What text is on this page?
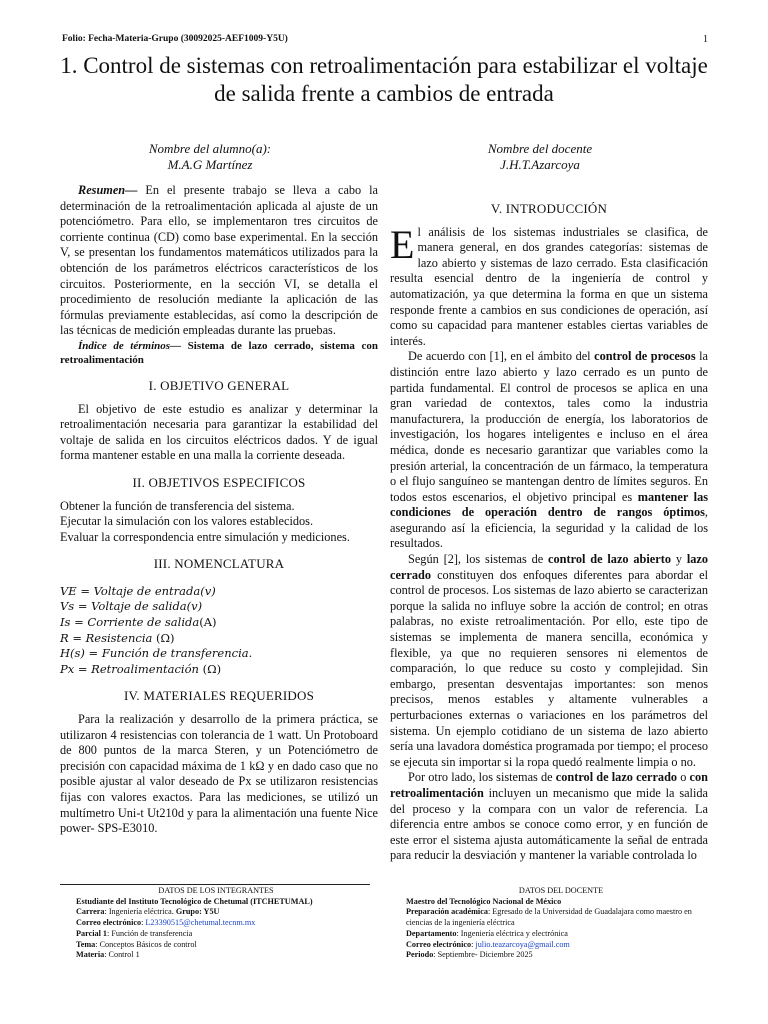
Folio: Fecha-Materia-Grupo (30092025-AEF1009-Y5U)	1
1. Control de sistemas con retroalimentación para estabilizar el voltaje de salida frente a cambios de entrada
Nombre del alumno(a):
M.A.G Martínez
Nombre del docente
J.H.T.Azarcoya

Resumen— En el presente trabajo se lleva a cabo la determinación de la retroalimentación aplicada al ajuste de un potenciómetro. Para ello, se implementaron tres circuitos de corriente continua (CD) como base experimental. En la sección V, se presentan los fundamentos matemáticos utilizados para la obtención de los parámetros eléctricos característicos de los circuitos. Posteriormente, en la sección VI, se detalla el procedimiento de resolución mediante la aplicación de las fórmulas previamente establecidas, así como la descripción de las técnicas de medición empleadas durante las pruebas.

Índice de términos— Sistema de lazo cerrado, sistema con retroalimentación

I. OBJETIVO GENERAL

El objetivo de este estudio es analizar y determinar la retroalimentación necesaria para garantizar la estabilidad del voltaje de salida en los circuitos eléctricos dados. Y de igual forma mantener estable en una malla la corriente deseada.

II. OBJETIVOS ESPECIFICOS

Obtener la función de transferencia del sistema.

Ejecutar la simulación con los valores establecidos.

Evaluar la correspondencia entre simulación y mediciones.

III. NOMENCLATURA

VE = Voltaje de entrada(v)

Vs = Voltaje de salida(v)

Is = Corriente de salida(A)

R = Resistencia (Ω)

H(s) = Función de transferencia.

Px = Retroalimentación (Ω)

IV. MATERIALES REQUERIDOS

Para la realización y desarrollo de la primera práctica, se utilizaron 4 resistencias con tolerancia de 1 watt. Un Protoboard de 800 puntos de la marca Steren, y un Potenciómetro de precisión con capacidad máxima de 1 kΩ y en dado caso que no posible ajustar al valor deseado de Px se utilizaron resistencias fijas con valores exactos. Para las mediciones, se utilizó un multímetro Uni-t Ut210d y para la alimentación una fuente Nice power- SPS-E3010.

V. INTRODUCCIÓN

El análisis de los sistemas industriales se clasifica, de manera general, en dos grandes categorías: sistemas de lazo abierto y sistemas de lazo cerrado. Esta clasificación resulta esencial dentro de la ingeniería de control y automatización, ya que determina la forma en que un sistema responde frente a cambios en sus condiciones de operación, así como su capacidad para mantener estables ciertas variables de interés.

De acuerdo con [1], en el ámbito del control de procesos la distinción entre lazo abierto y lazo cerrado es un punto de partida fundamental. El control de procesos se aplica en una gran variedad de contextos, tales como la industria manufacturera, la producción de energía, los laboratorios de investigación, los hogares inteligentes e incluso en el área médica, donde es necesario garantizar que variables como la presión arterial, la concentración de un fármaco, la temperatura o el flujo sanguíneo se mantengan dentro de límites seguros. En todos estos escenarios, el objetivo principal es mantener las condiciones de operación dentro de rangos óptimos, asegurando así la eficiencia, la seguridad y la calidad de los resultados.

Según [2], los sistemas de control de lazo abierto y lazo cerrado constituyen dos enfoques diferentes para abordar el control de procesos. Los sistemas de lazo abierto se caracterizan porque la salida no influye sobre la acción de control; en otras palabras, no existe retroalimentación. Por ello, este tipo de sistemas se implementa de manera sencilla, económica y flexible, ya que no requieren sensores ni elementos de comparación, lo que reduce su costo y complejidad. Sin embargo, presentan desventajas importantes: son menos precisos, menos estables y altamente vulnerables a perturbaciones externas o variaciones en los parámetros del sistema. Un ejemplo cotidiano de un sistema de lazo abierto sería una lavadora doméstica programada por tiempo; el proceso se ejecuta sin importar si la ropa quedó realmente limpia o no.

Por otro lado, los sistemas de control de lazo cerrado o con retroalimentación incluyen un mecanismo que mide la salida del proceso y la compara con un valor de referencia. La diferencia entre ambos se conoce como error, y en función de este error el sistema ajusta automáticamente la señal de entrada para reducir la desviación y mantener la variable controlada lo

DATOS DE LOS INTEGRANTES
Estudiante del Instituto Tecnológico de Chetumal (ITCHETUMAL)
Carrera: Ingeniería eléctrica. Grupo: Y5U
Correo electrónico: L23390515@chetumal.tecnm.mx
Parcial 1: Función de transferencia
Tema: Conceptos Básicos de control
Materia: Control 1
DATOS DEL DOCENTE
Maestro del Tecnológico Nacional de México
Preparación académica: Egresado de la Universidad de Guadalajara como maestro en ciencias de la ingeniería eléctrica
Departamento: Ingeniería eléctrica y electrónica
Correo electrónico: julio.teazarcoya@gmail.com
Periodo: Septiembre- Diciembre 2025
